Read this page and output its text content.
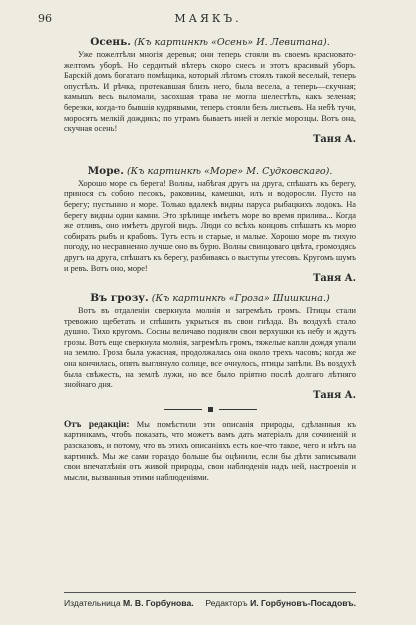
96	МАЯКЪ.
Осень. (Къ картинкѣ «Осень» И. Левитана).

Уже пожелтѣли многія деревья; они теперь стояли въ своемъ красновато-желтомъ уборѣ. Но сердитый вѣтеръ скоро снесъ и этотъ красивый уборъ. Барскій домъ богатаго помѣщика, который лѣтомъ стоялъ такой веселый, теперь опустѣлъ. И рѣчка, протекавшая близъ него, была весела, а теперь—скучная; камышъ весь выломали, засохшая трава не могла шелестѣть, какъ зеленая; березки, когда-то бывшія кудрявыми, теперь стояли безъ листьевъ. На небѣ тучи, моросятъ мелкій дождикъ; по утрамъ бываетъ иней и легкіе морозцы. Вотъ она, скучная осень!

Таня А.
Море. (Къ картинкѣ «Море» М. Судковскаго).

Хорошо море съ берега! Волны, набѣгая другъ на друга, спѣшатъ къ берегу, принося съ собою песокъ, раковины, камешки, илъ и водоросли. Пусто на берегу; пустынно и море. Только вдалекѣ видны паруса рыбацкихъ лодокъ. На берегу видны одни камни. Это зрѣлище имѣетъ море во время прилива... Когда же отливъ, оно имѣетъ другой видъ. Люди со всѣхъ концовъ спѣшатъ къ морю собирать рыбъ и крабовъ. Тутъ есть и старые, и малые. Хорошо море въ тихую погоду, но несравненно лучше оно въ бурю. Волны свинцоваго цвѣта, громоздясь другъ на друга, спѣшатъ къ берегу, разбиваясь о выступы утесовъ. Кругомъ шумъ и ревъ. Вотъ оно, море!

Таня А.
Въ грозу. (Къ картинкѣ «Гроза» Шишкина.)

Вотъ въ отдаленіи сверкнула молнія и загремѣлъ громъ. Птицы стали тревожно щебетать и спѣшить укрыться въ свои гнѣзда. Въ воздухѣ стало душно. Тихо кругомъ. Сосны величаво подняли свои верхушки къ небу и ждутъ грозы. Вотъ еще сверкнула молнія, загремѣлъ громъ, тяжелые капли дождя упали на землю. Гроза была ужасная, продолжалась она около трехъ часовъ; когда же она кончилась, опять выглянуло солнце, все очнулось, птицы запѣли. Въ воздухѣ была свѣжесть, на землѣ лужи, но все было пріятно послѣ долгаго лѣтняго знойнаго дня.

Таня А.

Отъ редакціи: Мы помѣстили эти описанія природы, сдѣланныя къ картинкамъ, чтобъ показать, что можетъ вамъ дать матеріалъ для сочиненій и разсказовъ, и потому, что въ этихъ описаніяхъ есть кое-что такое, чего и нѣтъ на картинкѣ. Мы же сами гораздо больше бы оцѣнили, если бы дѣти записывали свои впечатлѣнія отъ живой природы, свои наблюденія надъ ней, настроенія и мысли, вызванныя этими наблюденіями.

Издательница М. В. Горбунова. Редакторъ И. Горбуновъ-Посадовъ.
